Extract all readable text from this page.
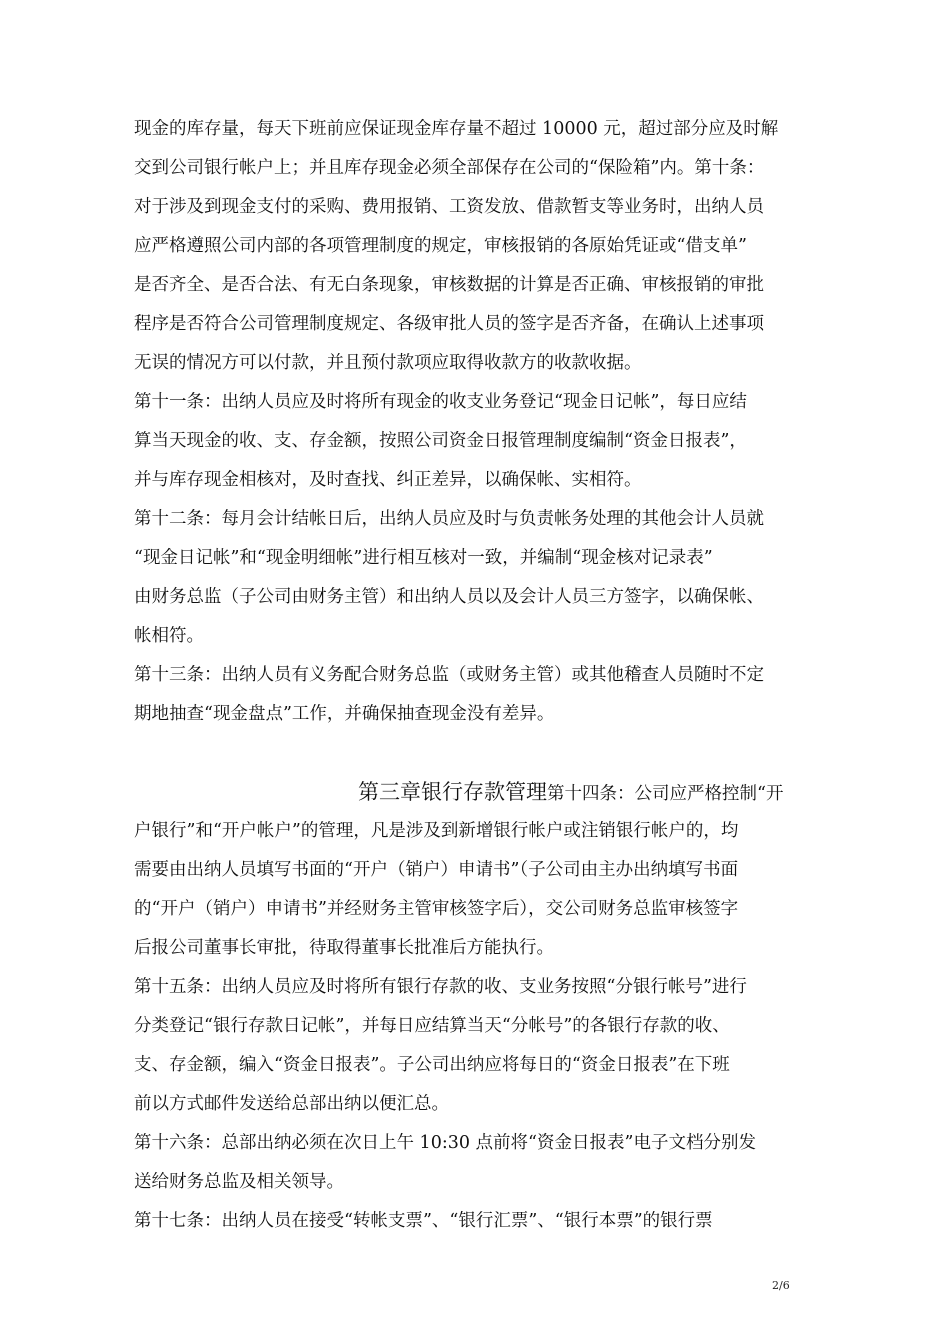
现金的库存量，每天下班前应保证现金库存量不超过 10000 元，超过部分应及时解
交到公司银行帐户上；并且库存现金必须全部保存在公司的“保险箱”内。第十条：
对于涉及到现金支付的采购、费用报销、工资发放、借款暂支等业务时，出纳人员
应严格遵照公司内部的各项管理制度的规定，审核报销的各原始凭证或“借支单”
是否齐全、是否合法、有无白条现象，审核数据的计算是否正确、审核报销的审批
程序是否符合公司管理制度规定、各级审批人员的签字是否齐备，在确认上述事项
无误的情况方可以付款，并且预付款项应取得收款方的收款收据。
第十一条：出纳人员应及时将所有现金的收支业务登记“现金日记帐”，每日应结
算当天现金的收、支、存金额，按照公司资金日报管理制度编制“资金日报表”，
并与库存现金相核对，及时查找、纠正差异，以确保帐、实相符。
第十二条：每月会计结帐日后，出纳人员应及时与负责帐务处理的其他会计人员就
“现金日记帐”和“现金明细帐”进行相互核对一致，并编制“现金核对记录表”
由财务总监（子公司由财务主管）和出纳人员以及会计人员三方签字，以确保帐、
帐相符。
第十三条：出纳人员有义务配合财务总监（或财务主管）或其他稽查人员随时不定
期地抽查“现金盘点”工作，并确保抽查现金没有差异。
第三章银行存款管理第十四条：公司应严格控制“开
户银行”和“开户帐户”的管理，凡是涉及到新增银行帐户或注销银行帐户的，均
需要由出纳人员填写书面的“开户（销户）申请书”（子公司由主办出纳填写书面
的“开户（销户）申请书”并经财务主管审核签字后），交公司财务总监审核签字
后报公司董事长审批，待取得董事长批准后方能执行。
第十五条：出纳人员应及时将所有银行存款的收、支业务按照“分银行帐号”进行
分类登记“银行存款日记帐”，并每日应结算当天“分帐号”的各银行存款的收、
支、存金额，编入“资金日报表”。子公司出纳应将每日的“资金日报表”在下班
前以方式邮件发送给总部出纳以便汇总。
第十六条：总部出纳必须在次日上午 10:30 点前将“资金日报表”电子文档分别发
送给财务总监及相关领导。
第十七条：出纳人员在接受“转帐支票”、“银行汇票”、“银行本票”的银行票
2/6
